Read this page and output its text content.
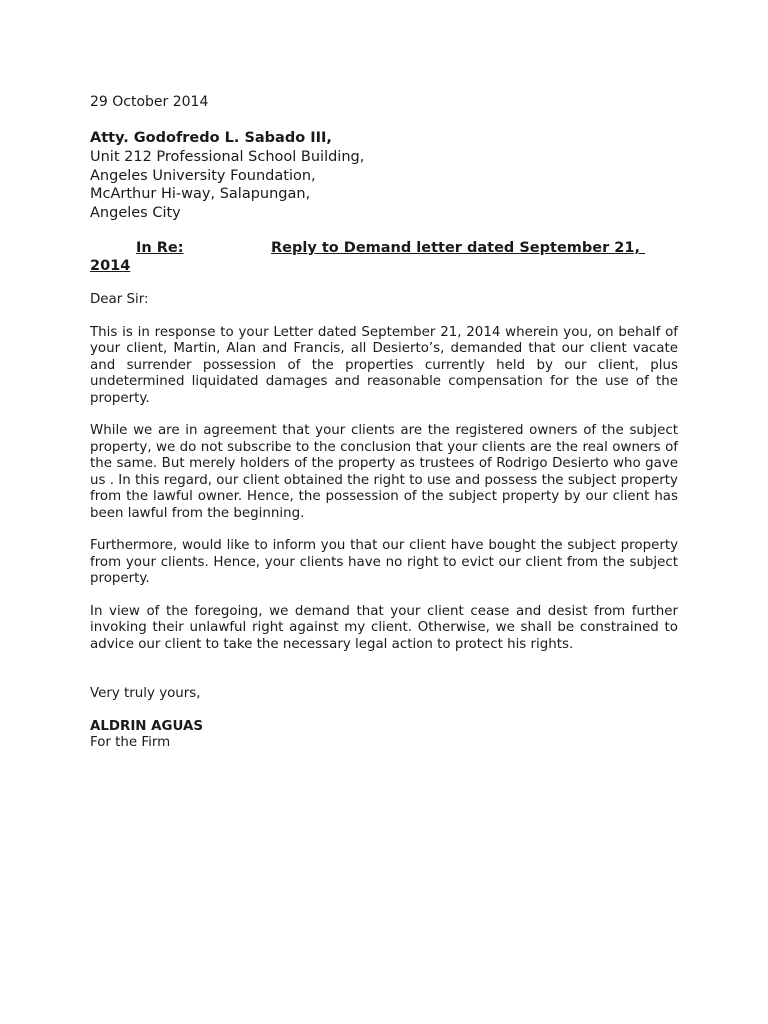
29 October 2014
Atty. Godofredo L. Sabado III,
Unit 212 Professional School Building,
Angeles University Foundation,
McArthur Hi-way, Salapungan,
Angeles City
In Re:	Reply to Demand letter dated September 21,
2014
Dear Sir:
This is in response to your Letter dated September 21, 2014 wherein you, on behalf of your client, Martin, Alan and Francis, all Desierto’s, demanded that our client vacate and surrender possession of the properties currently held by our client, plus undetermined liquidated damages and reasonable compensation for the use of the property.
While we are in agreement that your clients are the registered owners of the subject property, we do not subscribe to the conclusion that your clients are the real owners of the same. But merely holders of the property as trustees of Rodrigo Desierto who gave us . In this regard, our client obtained the right to use and possess the subject property from the lawful owner. Hence, the possession of the subject property by our client has been lawful from the beginning.
Furthermore, would like to inform you that our client have bought the subject property from your clients. Hence, your clients have no right to evict our client from the subject property.
In view of the foregoing, we demand that your client cease and desist from further invoking their unlawful right against my client. Otherwise, we shall be constrained to advice our client to take the necessary legal action to protect his rights.
Very truly yours,
ALDRIN AGUAS
For the Firm
